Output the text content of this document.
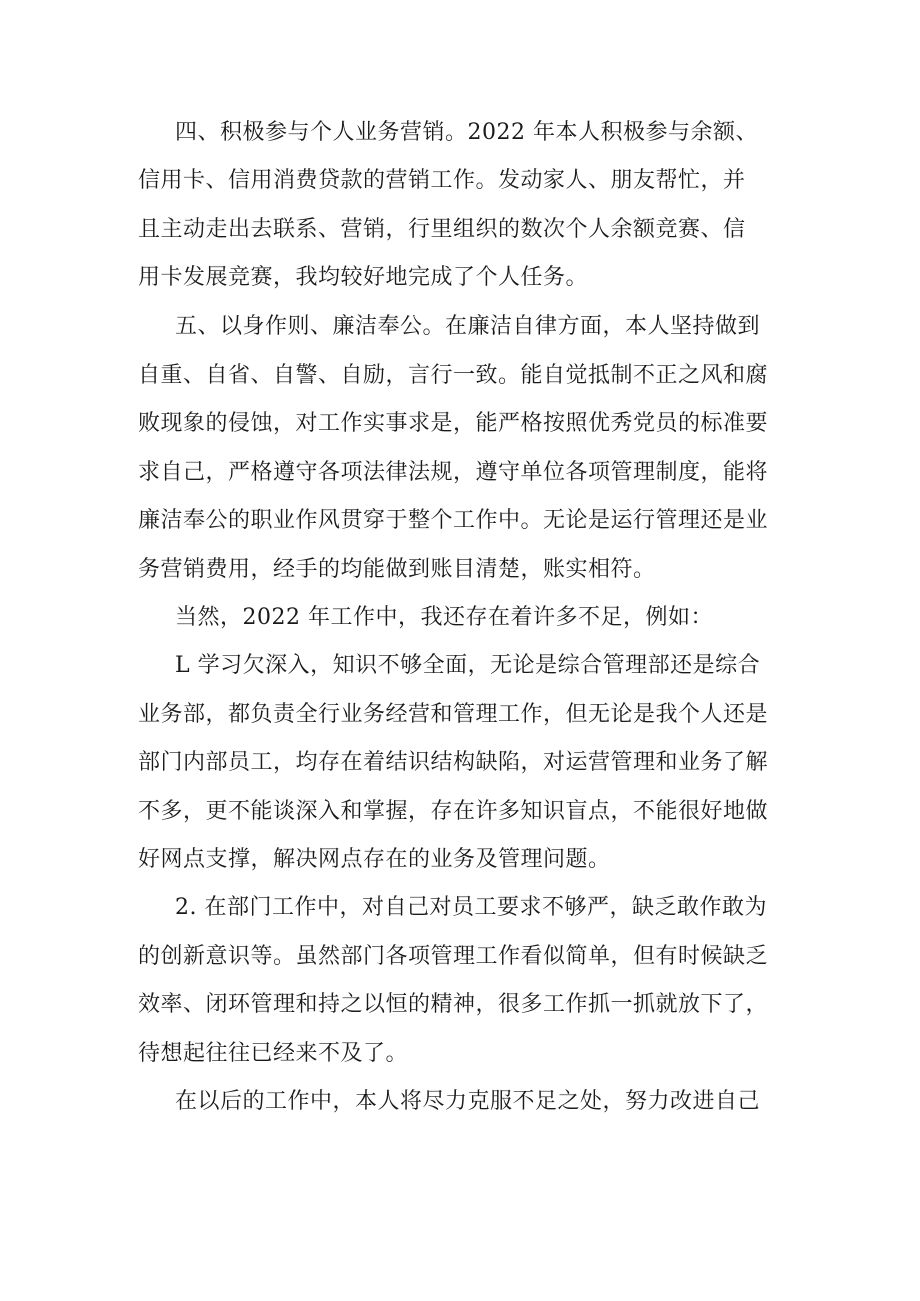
四、积极参与个人业务营销。2022 年本人积极参与余额、

信用卡、信用消费贷款的营销工作。发动家人、朋友帮忙，并

且主动走出去联系、营销，行里组织的数次个人余额竞赛、信

用卡发展竞赛，我均较好地完成了个人任务。

五、以身作则、廉洁奉公。在廉洁自律方面，本人坚持做到

自重、自省、自警、自励，言行一致。能自觉抵制不正之风和腐

败现象的侵蚀，对工作实事求是，能严格按照优秀党员的标准要

求自己，严格遵守各项法律法规，遵守单位各项管理制度，能将

廉洁奉公的职业作风贯穿于整个工作中。无论是运行管理还是业

务营销费用，经手的均能做到账目清楚，账实相符。

当然，2022 年工作中，我还存在着许多不足，例如：

L 学习欠深入，知识不够全面，无论是综合管理部还是综合

业务部，都负责全行业务经营和管理工作，但无论是我个人还是

部门内部员工，均存在着结识结构缺陷，对运营管理和业务了解

不多，更不能谈深入和掌握，存在许多知识盲点，不能很好地做

好网点支撑，解决网点存在的业务及管理问题。

2. 在部门工作中，对自己对员工要求不够严，缺乏敢作敢为

的创新意识等。虽然部门各项管理工作看似简单，但有时候缺乏

效率、闭环管理和持之以恒的精神，很多工作抓一抓就放下了，

待想起往往已经来不及了。

在以后的工作中，本人将尽力克服不足之处，努力改进自己
